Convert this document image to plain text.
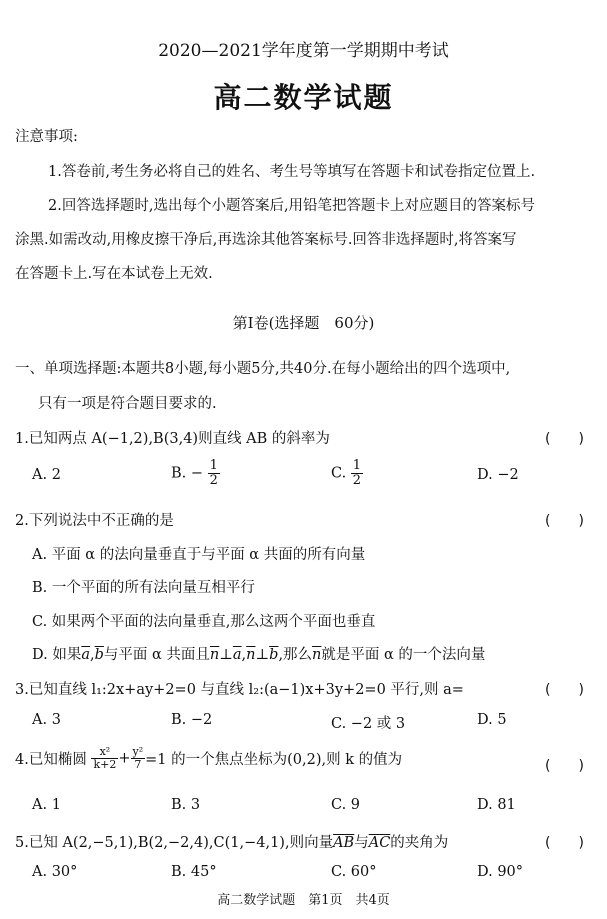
2020—2021学年度第一学期期中考试
高二数学试题
注意事项:
1.答卷前,考生务必将自己的姓名、考生号等填写在答题卡和试卷指定位置上.
2.回答选择题时,选出每个小题答案后,用铅笔把答题卡上对应题目的答案标号
涂黑.如需改动,用橡皮擦干净后,再选涂其他答案标号.回答非选择题时,将答案写
在答题卡上.写在本试卷上无效.
第Ⅰ卷(选择题　60分)
一、单项选择题:本题共8小题,每小题5分,共40分.在每小题给出的四个选项中,
只有一项是符合题目要求的.
1.已知两点 A(−1,2),B(3,4)则直线 AB 的斜率为	(　　)
A. 2	B. − $\frac{1}{2}$	C. $\frac{1}{2}$	D. −2
2.下列说法中不正确的是	(　　)
A. 平面 α 的法向量垂直于与平面 α 共面的所有向量
B. 一个平面的所有法向量互相平行
C. 如果两个平面的法向量垂直,那么这两个平面也垂直
D. 如果$\overline{a},\overline{b}$与平面 α 共面且$\overline{n}\perp\overline{a},\overline{n}\perp\overline{b}$,那么$\overline{n}$就是平面 α 的一个法向量
3.已知直线 l₁:2x+ay+2=0 与直线 l₂:(a−1)x+3y+2=0 平行,则 a=	(　　)
A. 3	B. −2	C. −2 或 3	D. 5
4.已知椭圆 $\frac{\text{x²}}{k+2} + \frac{\text{y²}}{7} =1$ 的一个焦点坐标为(0,2),则 k 的值为	(　　)
A. 1	B. 3	C. 9	D. 81
5.已知 A(2,−5,1),B(2,−2,4),C(1,−4,1),则向量$\overline{AB}$与$\overline{AC}$的夹角为	(　　)
A. 30°	B. 45°	C. 60°	D. 90°
高二数学试题　第1页　共4页
